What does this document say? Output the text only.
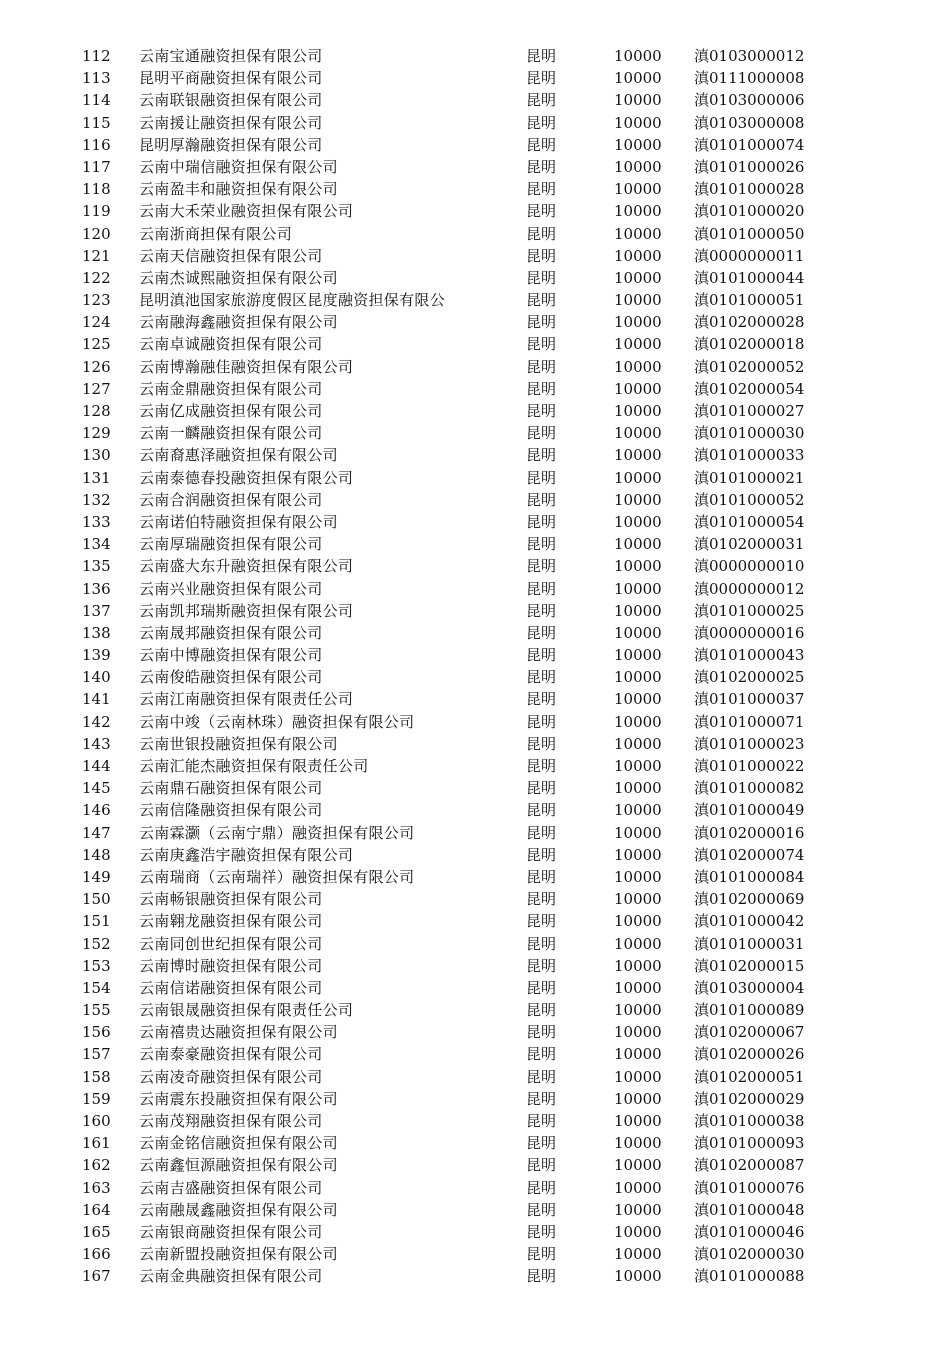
112 云南宝通融资担保有限公司	昆明	10000 滇0103000012
113 昆明平商融资担保有限公司	昆明	10000 滇0111000008
114 云南联银融资担保有限公司	昆明	10000 滇0103000006
115 云南援让融资担保有限公司	昆明	10000 滇0103000008
116 昆明厚瀚融资担保有限公司	昆明	10000 滇0101000074
117 云南中瑞信融资担保有限公司	昆明	10000 滇0101000026
118 云南盈丰和融资担保有限公司	昆明	10000 滇0101000028
119 云南大禾荣业融资担保有限公司	昆明	10000 滇0101000020
120 云南浙商担保有限公司	昆明	10000 滇0101000050
121 云南天信融资担保有限公司	昆明	10000 滇0000000011
122 云南杰诚熙融资担保有限公司	昆明	10000 滇0101000044
123 昆明滇池国家旅游度假区昆度融资担保有限公	昆明	10000 滇0101000051
124 云南融海鑫融资担保有限公司	昆明	10000 滇0102000028
125 云南卓诚融资担保有限公司	昆明	10000 滇0102000018
126 云南博瀚融佳融资担保有限公司	昆明	10000 滇0102000052
127 云南金鼎融资担保有限公司	昆明	10000 滇0102000054
128 云南亿成融资担保有限公司	昆明	10000 滇0101000027
129 云南一麟融资担保有限公司	昆明	10000 滇0101000030
130 云南裔惠泽融资担保有限公司	昆明	10000 滇0101000033
131 云南泰德春投融资担保有限公司	昆明	10000 滇0101000021
132 云南合润融资担保有限公司	昆明	10000 滇0101000052
133 云南诺伯特融资担保有限公司	昆明	10000 滇0101000054
134 云南厚瑞融资担保有限公司	昆明	10000 滇0102000031
135 云南盛大东升融资担保有限公司	昆明	10000 滇0000000010
136 云南兴业融资担保有限公司	昆明	10000 滇0000000012
137 云南凯邦瑞斯融资担保有限公司	昆明	10000 滇0101000025
138 云南晟邦融资担保有限公司	昆明	10000 滇0000000016
139 云南中博融资担保有限公司	昆明	10000 滇0101000043
140 云南俊皓融资担保有限公司	昆明	10000 滇0102000025
141 云南江南融资担保有限责任公司	昆明	10000 滇0101000037
142 云南中竣（云南林珠）融资担保有限公司	昆明	10000 滇0101000071
143 云南世银投融资担保有限公司	昆明	10000 滇0101000023
144 云南汇能杰融资担保有限责任公司	昆明	10000 滇0101000022
145 云南鼎石融资担保有限公司	昆明	10000 滇0101000082
146 云南信隆融资担保有限公司	昆明	10000 滇0101000049
147 云南霖灏（云南宁鼎）融资担保有限公司	昆明	10000 滇0102000016
148 云南庚鑫浩宇融资担保有限公司	昆明	10000 滇0102000074
149 云南瑞商（云南瑞祥）融资担保有限公司	昆明	10000 滇0101000084
150 云南畅银融资担保有限公司	昆明	10000 滇0102000069
151 云南翱龙融资担保有限公司	昆明	10000 滇0101000042
152 云南同创世纪担保有限公司	昆明	10000 滇0101000031
153 云南博时融资担保有限公司	昆明	10000 滇0102000015
154 云南信诺融资担保有限公司	昆明	10000 滇0103000004
155 云南银晟融资担保有限责任公司	昆明	10000 滇0101000089
156 云南禧贵达融资担保有限公司	昆明	10000 滇0102000067
157 云南泰豪融资担保有限公司	昆明	10000 滇0102000026
158 云南凌奇融资担保有限公司	昆明	10000 滇0102000051
159 云南震东投融资担保有限公司	昆明	10000 滇0102000029
160 云南茂翔融资担保有限公司	昆明	10000 滇0101000038
161 云南金铭信融资担保有限公司	昆明	10000 滇0101000093
162 云南鑫恒源融资担保有限公司	昆明	10000 滇0102000087
163 云南吉盛融资担保有限公司	昆明	10000 滇0101000076
164 云南融晟鑫融资担保有限公司	昆明	10000 滇0101000048
165 云南银商融资担保有限公司	昆明	10000 滇0101000046
166 云南新盟投融资担保有限公司	昆明	10000 滇0102000030
167 云南金典融资担保有限公司	昆明	10000 滇0101000088
